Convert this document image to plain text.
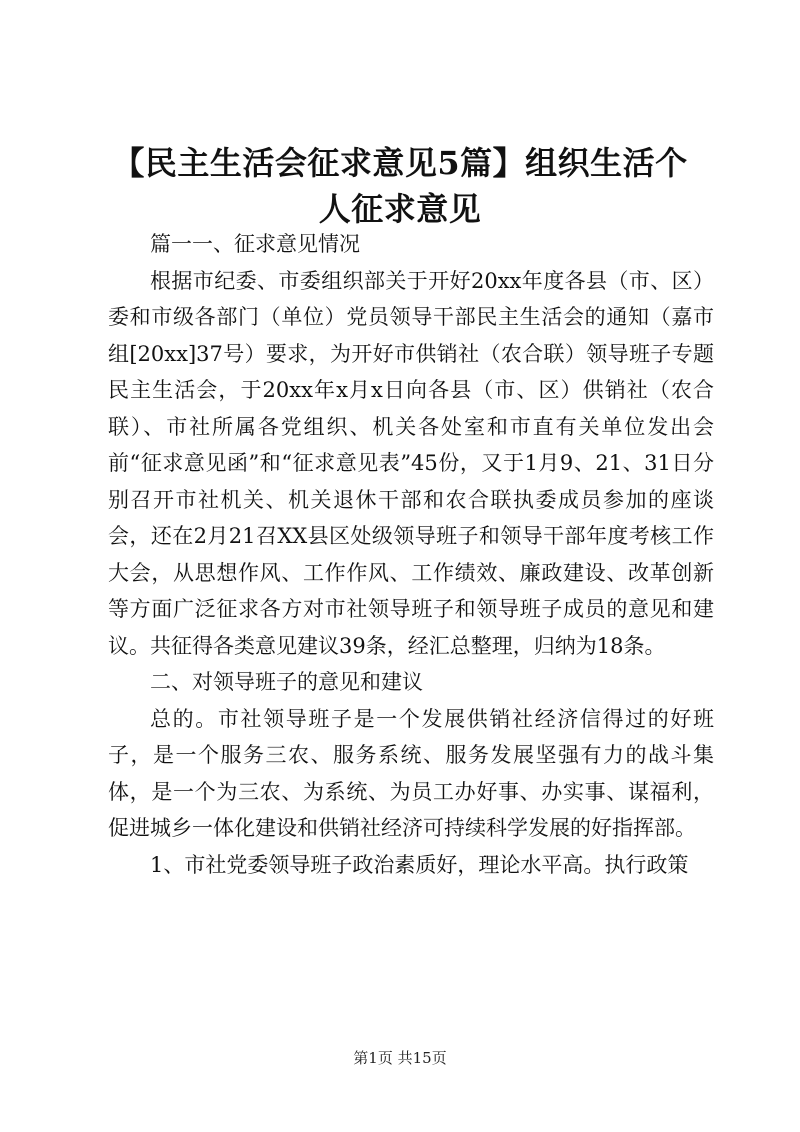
【民主生活会征求意见5篇】组织生活个人征求意见

篇一一、征求意见情况

根据市纪委、市委组织部关于开好20xx年度各县（市、区）委和市级各部门（单位）党员领导干部民主生活会的通知（嘉市组[20xx]37号）要求，为开好市供销社（农合联）领导班子专题民主生活会，于20xx年x月x日向各县（市、区）供销社（农合联）、市社所属各党组织、机关各处室和市直有关单位发出会前“征求意见函”和“征求意见表”45份，又于1月9、21、31日分别召开市社机关、机关退休干部和农合联执委成员参加的座谈会，还在2月21召XX县区处级领导班子和领导干部年度考核工作大会，从思想作风、工作作风、工作绩效、廉政建设、改革创新等方面广泛征求各方对市社领导班子和领导班子成员的意见和建议。共征得各类意见建议39条，经汇总整理，归纳为18条。

二、对领导班子的意见和建议

总的。市社领导班子是一个发展供销社经济信得过的好班子，是一个服务三农、服务系统、服务发展坚强有力的战斗集体，是一个为三农、为系统、为员工办好事、办实事、谋福利，促进城乡一体化建设和供销社经济可持续科学发展的好指挥部。

1、市社党委领导班子政治素质好，理论水平高。执行政策

第1页 共15页
